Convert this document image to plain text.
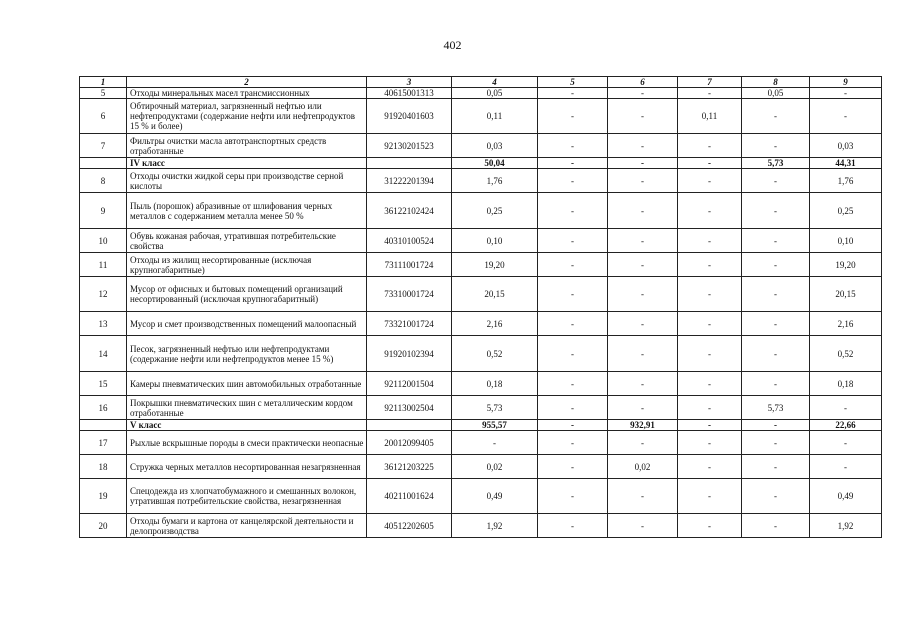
402
1	2	3	4	5	6	7	8	9
5	Отходы минеральных масел трансмиссионных	40615001313	0,05	-	-	-	0,05	-
6	Обтирочный материал, загрязненный нефтью или нефтепродуктами (содержание нефти или нефтепродуктов 15 % и более)	91920401603	0,11	-	-	0,11	-	-
7	Фильтры очистки масла автотранспортных средств отработанные	92130201523	0,03	-	-	-	-	0,03
	IV класс		50,04	-	-	-	5,73	44,31
8	Отходы очистки жидкой серы при производстве серной кислоты	31222201394	1,76	-	-	-	-	1,76
9	Пыль (порошок) абразивные от шлифования черных металлов с содержанием металла менее 50 %	36122102424	0,25	-	-	-	-	0,25
10	Обувь кожаная рабочая, утратившая потребительские свойства	40310100524	0,10	-	-	-	-	0,10
11	Отходы из жилищ несортированные (исключая крупногабаритные)	73111001724	19,20	-	-	-	-	19,20
12	Мусор от офисных и бытовых помещений организаций несортированный (исключая крупногабаритный)	73310001724	20,15	-	-	-	-	20,15
13	Мусор и смет производственных помещений малоопасный	73321001724	2,16	-	-	-	-	2,16
14	Песок, загрязненный нефтью или нефтепродуктами (содержание нефти или нефтепродуктов менее 15 %)	91920102394	0,52	-	-	-	-	0,52
15	Камеры пневматических шин автомобильных отработанные	92112001504	0,18	-	-	-	-	0,18
16	Покрышки пневматических шин с металлическим кордом отработанные	92113002504	5,73	-	-	-	5,73	-
	V класс		955,57	-	932,91	-	-	22,66
17	Рыхлые вскрышные породы в смеси практически неопасные	20012099405	-	-	-	-	-	-
18	Стружка черных металлов несортированная незагрязненная	36121203225	0,02	-	0,02	-	-	-
19	Спецодежда из хлопчатобумажного и смешанных волокон, утратившая потребительские свойства, незагрязненная	40211001624	0,49	-	-	-	-	0,49
20	Отходы бумаги и картона от канцелярской деятельности и делопроизводства	40512202605	1,92	-	-	-	-	1,92
